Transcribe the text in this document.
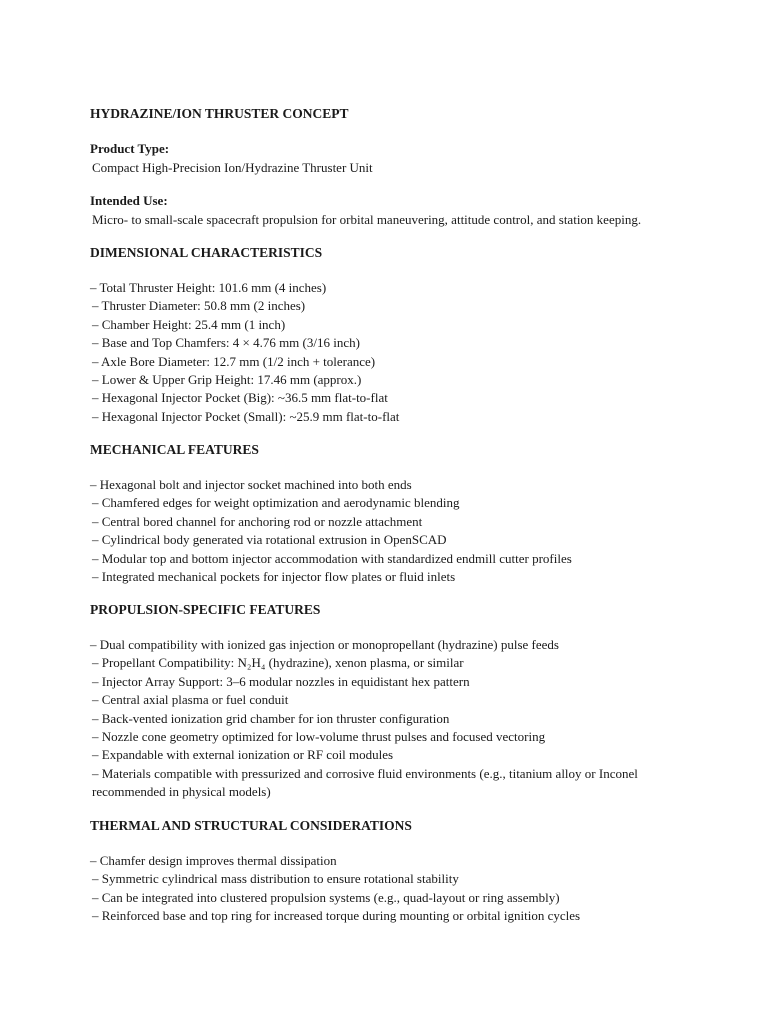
HYDRAZINE/ION THRUSTER CONCEPT
Product Type:
Compact High-Precision Ion/Hydrazine Thruster Unit
Intended Use:
Micro- to small-scale spacecraft propulsion for orbital maneuvering, attitude control, and station keeping.
DIMENSIONAL CHARACTERISTICS
– Total Thruster Height: 101.6 mm (4 inches)
– Thruster Diameter: 50.8 mm (2 inches)
– Chamber Height: 25.4 mm (1 inch)
– Base and Top Chamfers: 4 × 4.76 mm (3/16 inch)
– Axle Bore Diameter: 12.7 mm (1/2 inch + tolerance)
– Lower & Upper Grip Height: 17.46 mm (approx.)
– Hexagonal Injector Pocket (Big): ~36.5 mm flat-to-flat
– Hexagonal Injector Pocket (Small): ~25.9 mm flat-to-flat
MECHANICAL FEATURES
– Hexagonal bolt and injector socket machined into both ends
– Chamfered edges for weight optimization and aerodynamic blending
– Central bored channel for anchoring rod or nozzle attachment
– Cylindrical body generated via rotational extrusion in OpenSCAD
– Modular top and bottom injector accommodation with standardized endmill cutter profiles
– Integrated mechanical pockets for injector flow plates or fluid inlets
PROPULSION-SPECIFIC FEATURES
– Dual compatibility with ionized gas injection or monopropellant (hydrazine) pulse feeds
– Propellant Compatibility: N₂H₄ (hydrazine), xenon plasma, or similar
– Injector Array Support: 3–6 modular nozzles in equidistant hex pattern
– Central axial plasma or fuel conduit
– Back-vented ionization grid chamber for ion thruster configuration
– Nozzle cone geometry optimized for low-volume thrust pulses and focused vectoring
– Expandable with external ionization or RF coil modules
– Materials compatible with pressurized and corrosive fluid environments (e.g., titanium alloy or Inconel recommended in physical models)
THERMAL AND STRUCTURAL CONSIDERATIONS
– Chamfer design improves thermal dissipation
– Symmetric cylindrical mass distribution to ensure rotational stability
– Can be integrated into clustered propulsion systems (e.g., quad-layout or ring assembly)
– Reinforced base and top ring for increased torque during mounting or orbital ignition cycles
